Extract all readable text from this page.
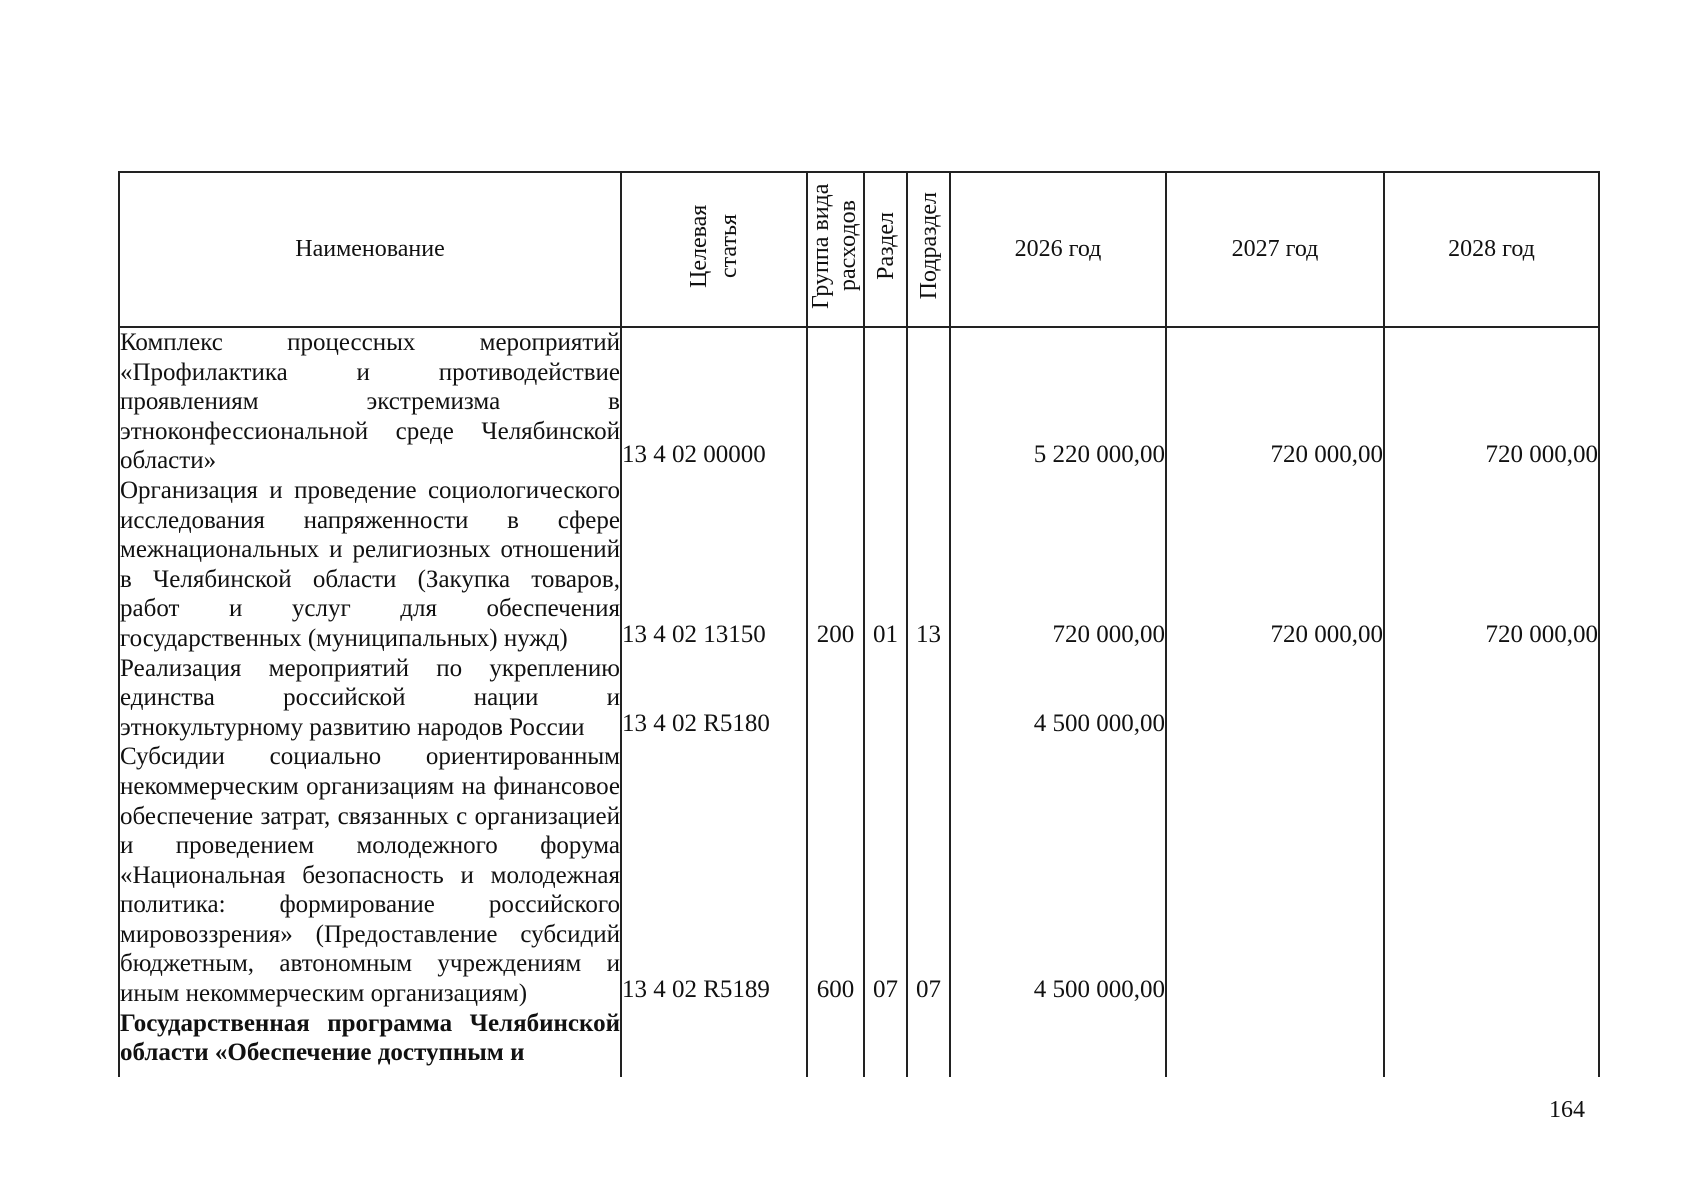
Наименование	Целевая статья	Группа вида расходов	Раздел	Подраздел	2026 год	2027 год	2028 год
Комплекс процессных мероприятий «Профилактика и противодействие проявлениям экстремизма в этноконфессиональной среде Челябинской области»	13 4 02 00000				5 220 000,00	720 000,00	720 000,00
Организация и проведение социологического исследования напряженности в сфере межнациональных и религиозных отношений в Челябинской области (Закупка товаров, работ и услуг для обеспечения государственных (муниципальных) нужд)	13 4 02 13150	200	01	13	720 000,00	720 000,00	720 000,00
Реализация мероприятий по укреплению единства российской нации и этнокультурному развитию народов России	13 4 02 R5180				4 500 000,00		
Субсидии социально ориентированным некоммерческим организациям на финансовое обеспечение затрат, связанных с организацией и проведением молодежного форума «Национальная безопасность и молодежная политика: формирование российского мировоззрения» (Предоставление субсидий бюджетным, автономным учреждениям и иным некоммерческим организациям)	13 4 02 R5189	600	07	07	4 500 000,00		
Государственная программа Челябинской области «Обеспечение доступным и							
164
